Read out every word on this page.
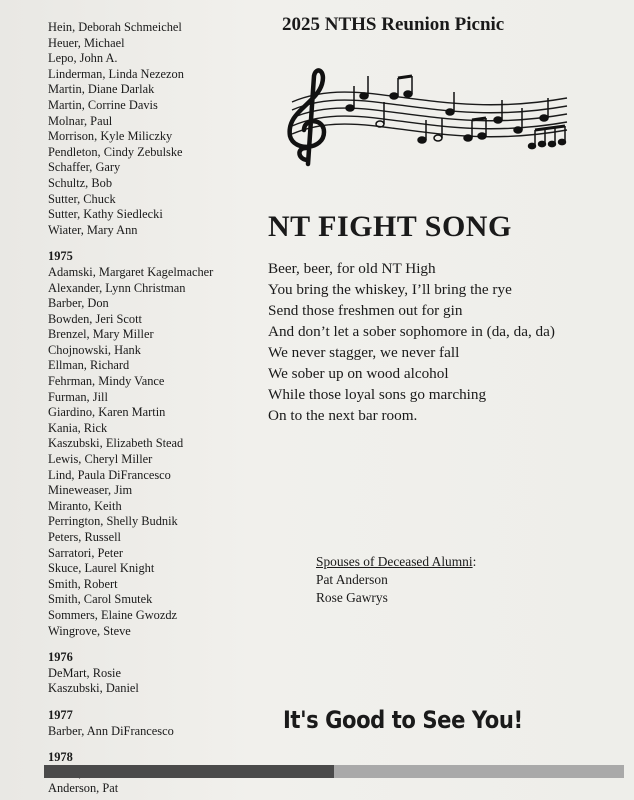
Hein, Deborah Schmeichel
Heuer, Michael
Lepo, John A.
Linderman, Linda Nezezon
Martin, Diane Darlak
Martin, Corrine Davis
Molnar, Paul
Morrison, Kyle Miliczky
Pendleton, Cindy Zebulske
Schaffer, Gary
Schultz, Bob
Sutter, Chuck
Sutter, Kathy Siedlecki
Wiater, Mary Ann
1975
Adamski, Margaret Kagelmacher
Alexander, Lynn Christman
Barber, Don
Bowden, Jeri Scott
Brenzel, Mary Miller
Chojnowski, Hank
Ellman, Richard
Fehrman, Mindy Vance
Furman, Jill
Giardino, Karen Martin
Kania, Rick
Kaszubski, Elizabeth Stead
Lewis, Cheryl Miller
Lind, Paula DiFrancesco
Mineweaser, Jim
Miranto, Keith
Perrington, Shelly Budnik
Peters, Russell
Sarratori, Peter
Skuce, Laurel Knight
Smith, Robert
Smith, Carol Smutek
Sommers, Elaine Gwozdz
Wingrove, Steve
1976
DeMart, Rosie
Kaszubski, Daniel
1977
Barber, Ann DiFrancesco
1978
Anderson, Pat
2025 NTHS Reunion Picnic
NT FIGHT SONG
Beer, beer, for old NT High
You bring the whiskey, I’ll bring the rye
Send those freshmen out for gin
And don’t let a sober sophomore in (da, da, da)
We never stagger, we never fall
We sober up on wood alcohol
While those loyal sons go marching
On to the next bar room.
Spouses of Deceased Alumni:
Pat Anderson
Rose Gawrys
It's Good to See You!
